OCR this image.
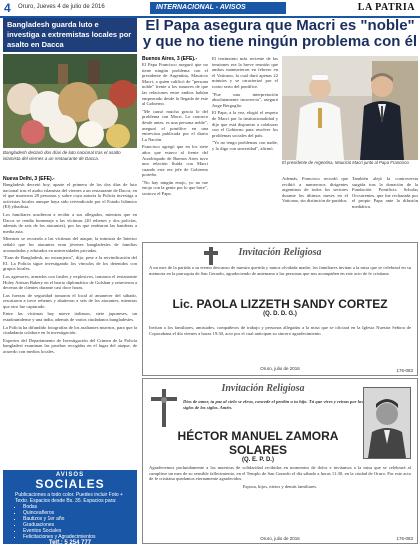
4 Oruro, Jueves 4 de julio de 2016	INTERNACIONAL - AVISOS	LA PATRIA
Bangladesh guarda luto e investiga a extremistas locales por asalto en Dacca
Bangladesh declaró dos días de luto nacional tras el asalto islamista del viernes a un restaurante de Dacca.

Nueva Delhi, 3 (EFE).-

Bangladesh decretó hoy, aparte el primero de los dos días de luto nacional tras el asalto islamista del viernes a un restaurante de Dacca, en el que murieron 28 personas y sobre cuya autoría la Policía investiga a activistas locales aunque haya sido reivindicado por el Estado Islámico (EI) yihadista.

Los familiares acudieron a recibir a sus allegados, mientras que en Dacca se rendía homenaje a las víctimas (20 rehenes y dos policías, además de seis de los atacantes), por las que ondearon las banderas a media asta.

Mientras se recuerda a las víctimas del ataque, la ministra de Interior señaló que los atacantes eran jóvenes bangladesíes de familias acomodadas y educados en universidades privadas.

"Eran de Bangladesh, no extranjeros", dijo, pese a la reivindicación del EI. La Policía sigue investigando los vínculos de los detenidos con grupos locales.

Los agresores, armados con fusiles y explosivos, tomaron el restaurante Holey Artisan Bakery en el barrio diplomático de Gulshan y retuvieron a decenas de clientes durante casi doce horas.

Las fuerzas de seguridad tomaron el local al amanecer del sábado, rescataron a trece rehenes y abatieron a seis de los atacantes, mientras que otro fue capturado.

Entre las víctimas hay nueve italianos, siete japoneses, un estadounidense y una india, además de varios ciudadanos bangladesíes.

La Policía ha difundido fotografías de los asaltantes muertos, para que la ciudadanía colabore en la investigación.

Expertos del Departamento de Investigación del Crimen de la Policía bangladesí examinan las pruebas recogidas en el lugar del ataque, de acuerdo con medios locales.

AVISOS
SOCIALES
Publicaciones a todo color. Puedes incluir Foto + Texto. Espacios desde Bs. 35. Espacios para:
▪ Bodas
▪ Quinceañeros
▪ Bautizos y 1er año
▪ Graduaciones
▪ Eventos Sociales
▪ Felicitaciones y Agradecimientos
Telf.: 5 254 777
El Papa asegura que Macri es "noble" y que no tiene ningún problema con él

Buenos Aires, 3 (EFE).-

El Papa Francisco aseguró que no tiene ningún problema con el presidente de Argentina, Mauricio Macri, a quien calificó de "persona noble" frente a los rumores de que las relaciones entre ambos habían empeorado desde la llegada de este al Gobierno.

"Me causó mucha gracia lo del problema con Macri. Lo conozco desde antes, es una persona noble", aseguró el pontífice en una entrevista publicada por el diario La Nación.

Francisco agregó que en los siete años que estuvo al frente del Arzobispado de Buenos Aires tuvo una relación fluida con Macri cuando este era jefe de Gobierno porteño.

"No hay ningún enojo, yo no me enojo con la gente por lo que hace", sostuvo el Papa.

El testimonio más reciente de las tensiones era la breve reunión que ambos mantuvieron en febrero en el Vaticano, la cual duró apenas 22 minutos y se caracterizó por el rostro serio del pontífice.

"Fue una interpretación absolutamente incorrecta", aseguró Jorge Bergoglio.

El Papa, a la vez, elogió el respeto de Macri por la institucionalidad y dijo que está dispuesto a colaborar con el Gobierno para resolver los problemas sociales del país.

"Yo no tengo problemas con nadie, y lo digo con sinceridad", afirmó.

El presidente de Argentina, Mauricio Macri junto al Papa Francisco

Además, Francisco recordó que recibió a numerosos dirigentes argentinos de todos los sectores durante los últimos meses en el Vaticano, sin distinción de partidos.

También alejó la controversia surgida tras la donación de la Fundación Pontificia Scholas Occurrentes, que fue rechazada por el propio Papa ante la difusión mediática.

Invitación Religiosa

A un mes de la partida a su eterno descanso de nuestra querida y nunca olvidada madre, los familiares invitan a la misa que se celebrará en su memoria en la parroquia de San Gerardo, agradeciendo de antemano a las personas que nos acompañen en este acto de fe cristiana.

Lic. PAOLA LIZZETH SANDY CORTEZ

(Q. D. D. G.)

Invitan a los familiares, amistades, compañeros de trabajo y personas allegadas a la misa que se oficiará en la Iglesia Nuestra Señora de Copacabana el día viernes a horas 19:30, acto por el cual anticipan su sincero agradecimiento.

Oruro, julio de 2016	176-083

Invitación Religiosa

Dios de amor, tu paz al cielo se eleva, concede el perdón a tu hijo. Tú que vives y reinas por los siglos de los siglos. Amén.

HÉCTOR MANUEL ZAMORA SOLARES

(Q. E. P. D.)

Agradecemos profundamente a las muestras de solidaridad recibidas en momentos de dolor e invitamos a la misa que se celebrará al cumplirse un mes de su sensible fallecimiento, en el Templo de San Gerardo el día sábado a horas 11:30, en la ciudad de Oruro. Por este acto de fe cristiana quedamos eternamente agradecidos.

Esposa, hijos, nietos y demás familiares.

Oruro, julio de 2016	176-083
